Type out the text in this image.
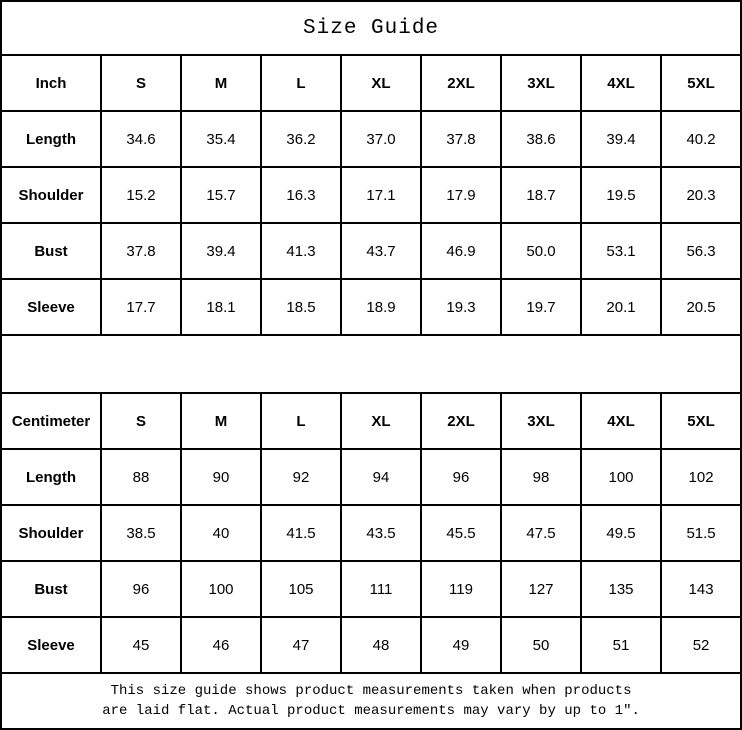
Size Guide								
Inch	S	M	L	XL	2XL	3XL	4XL	5XL
Length	34.6	35.4	36.2	37.0	37.8	38.6	39.4	40.2
Shoulder	15.2	15.7	16.3	17.1	17.9	18.7	19.5	20.3
Bust	37.8	39.4	41.3	43.7	46.9	50.0	53.1	56.3
Sleeve	17.7	18.1	18.5	18.9	19.3	19.7	20.1	20.5

Centimeter	S	M	L	XL	2XL	3XL	4XL	5XL
Length	88	90	92	94	96	98	100	102
Shoulder	38.5	40	41.5	43.5	45.5	47.5	49.5	51.5
Bust	96	100	105	111	119	127	135	143
Sleeve	45	46	47	48	49	50	51	52

This size guide shows product measurements taken when products
are laid flat. Actual product measurements may vary by up to 1″.								
